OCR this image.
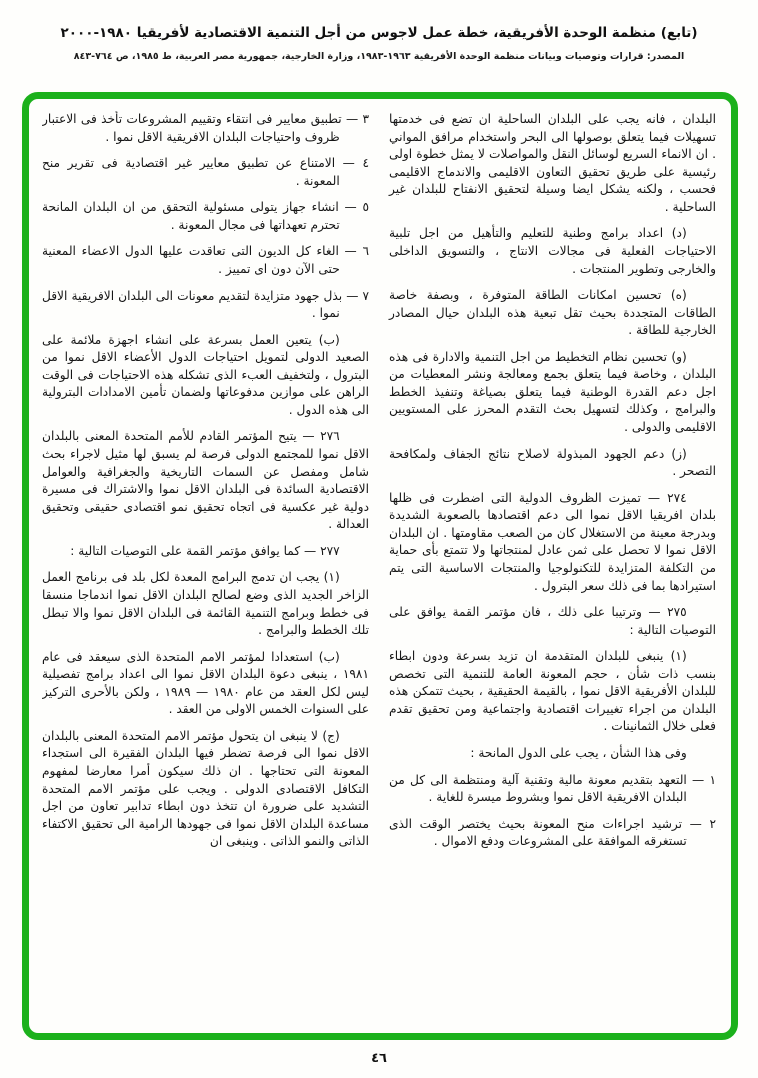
(تابع) منظمة الوحدة الأفريقية، خطة عمل لاجوس من أجل التنمية الاقتصادية لأفريقيا ١٩٨٠-٢٠٠٠
المصدر: قرارات وتوصيات وبيانات منظمة الوحدة الأفريقية ١٩٦٣-١٩٨٣، وزارة الخارجية، جمهورية مصر العربية، ط ١٩٨٥، ص ٧٦٤-٨٤٣

البلدان ، فانه يجب على البلدان الساحلية ان تضع فى خدمتها تسهيلات فيما يتعلق بوصولها الى البحر واستخدام مرافق المواني . ان الانماء السريع لوسائل النقل والمواصلات لا يمثل خطوة اولى رئيسية على طريق تحقيق التعاون الاقليمى والاندماج الاقليمى فحسب ، ولكنه يشكل ايضا وسيلة لتحقيق الانفتاح للبلدان غير الساحلية .

(د) اعداد برامج وطنية للتعليم والتأهيل من اجل تلبية الاحتياجات الفعلية فى مجالات الانتاج ، والتسويق الداخلى والخارجى وتطوير المنتجات .

(ه) تحسين امكانات الطاقة المتوفرة ، وبصفة خاصة الطاقات المتجددة بحيث تقل تبعية هذه البلدان حيال المصادر الخارجية للطاقة .

(و) تحسين نظام التخطيط من اجل التنمية والادارة فى هذه البلدان ، وخاصة فيما يتعلق بجمع ومعالجة ونشر المعطيات من اجل دعم القدرة الوطنية فيما يتعلق بصياغة وتنفيذ الخطط والبرامج ، وكذلك لتسهيل بحث التقدم المحرز على المستويين الاقليمى والدولى .

(ز) دعم الجهود المبذولة لاصلاح نتائج الجفاف ولمكافحة التصحر .

٢٧٤ — تميزت الظروف الدولية التى اضطرت فى ظلها بلدان افريقيا الاقل نموا الى دعم اقتصادها بالصعوبة الشديدة وبدرجة معينة من الاستغلال كان من الصعب مقاومتها . ان البلدان الاقل نموا لا تحصل على ثمن عادل لمنتجاتها ولا تتمتع بأى حماية من التكلفة المتزايدة للتكنولوجيا والمنتجات الاساسية التى يتم استيرادها بما فى ذلك سعر البترول .

٢٧٥ — وترتيبا على ذلك ، فان مؤتمر القمة يوافق على التوصيات التالية :

(١) ينبغى للبلدان المتقدمة ان تزيد بسرعة ودون ابطاء بنسب ذات شأن ، حجم المعونة العامة للتنمية التى تخصص للبلدان الأفريقية الاقل نموا ، بالقيمة الحقيقية ، بحيث تتمكن هذه البلدان من اجراء تغييرات اقتصادية واجتماعية ومن تحقيق تقدم فعلى خلال الثمانينات .

وفى هذا الشأن ، يجب على الدول المانحة :

١ — التعهد بتقديم معونة مالية وتقنية آلية ومنتظمة الى كل من البلدان الافريقية الاقل نموا وبشروط ميسرة للغاية .

٢ — ترشيد اجراءات منح المعونة بحيث يختصر الوقت الذى تستغرقه الموافقة على المشروعات ودفع الاموال .

٣ — تطبيق معايير فى انتقاء وتقييم المشروعات تأخذ فى الاعتبار ظروف واحتياجات البلدان الافريقية الاقل نموا .

٤ — الامتناع عن تطبيق معايير غير اقتصادية فى تقرير منح المعونة .

٥ — انشاء جهاز يتولى مسئولية التحقق من ان البلدان المانحة تحترم تعهداتها فى مجال المعونة .

٦ — الغاء كل الديون التى تعاقدت عليها الدول الاعضاء المعنية حتى الآن دون اى تمييز .

٧ — بذل جهود متزايدة لتقديم معونات الى البلدان الافريقية الاقل نموا .

(ب) يتعين العمل بسرعة على انشاء اجهزة ملائمة على الصعيد الدولى لتمويل احتياجات الدول الأعضاء الاقل نموا من البترول ، ولتخفيف العبء الذى تشكله هذه الاحتياجات فى الوقت الراهن على موازين مدفوعاتها ولضمان تأمين الامدادات البترولية الى هذه الدول .

٢٧٦ — يتيح المؤتمر القادم للأمم المتحدة المعنى بالبلدان الاقل نموا للمجتمع الدولى فرصة لم يسبق لها مثيل لاجراء بحث شامل ومفصل عن السمات التاريخية والجغرافية والعوامل الاقتصادية السائدة فى البلدان الاقل نموا والاشتراك فى مسيرة دولية غير عكسية فى اتجاه تحقيق نمو اقتصادى حقيقى وتحقيق العدالة .

٢٧٧ — كما يوافق مؤتمر القمة على التوصيات التالية :

(١) يجب ان تدمج البرامج المعدة لكل بلد فى برنامج العمل الزاخر الجديد الذى وضع لصالح البلدان الاقل نموا اندماجا منسقا فى خطط وبرامج التنمية القائمة فى البلدان الاقل نموا والا تبطل تلك الخطط والبرامج .

(ب) استعدادا لمؤتمر الامم المتحدة الذى سيعقد فى عام ١٩٨١ ، ينبغى دعوة البلدان الاقل نموا الى اعداد برامج تفصيلية ليس لكل العقد من عام ١٩٨٠ — ١٩٨٩ ، ولكن بالأحرى التركيز على السنوات الخمس الاولى من العقد .

(ج) لا ينبغى ان يتحول مؤتمر الامم المتحدة المعنى بالبلدان الاقل نموا الى فرصة تضطر فيها البلدان الفقيرة الى استجداء المعونة التى تحتاجها . ان ذلك سيكون أمرا معارضا لمفهوم التكافل الاقتصادى الدولى . ويجب على مؤتمر الامم المتحدة التشديد على ضرورة ان تتخذ دون ابطاء تدابير تعاون من اجل مساعدة البلدان الاقل نموا فى جهودها الرامية الى تحقيق الاكتفاء الذاتى والنمو الذاتى . وينبغى ان

٤٦
